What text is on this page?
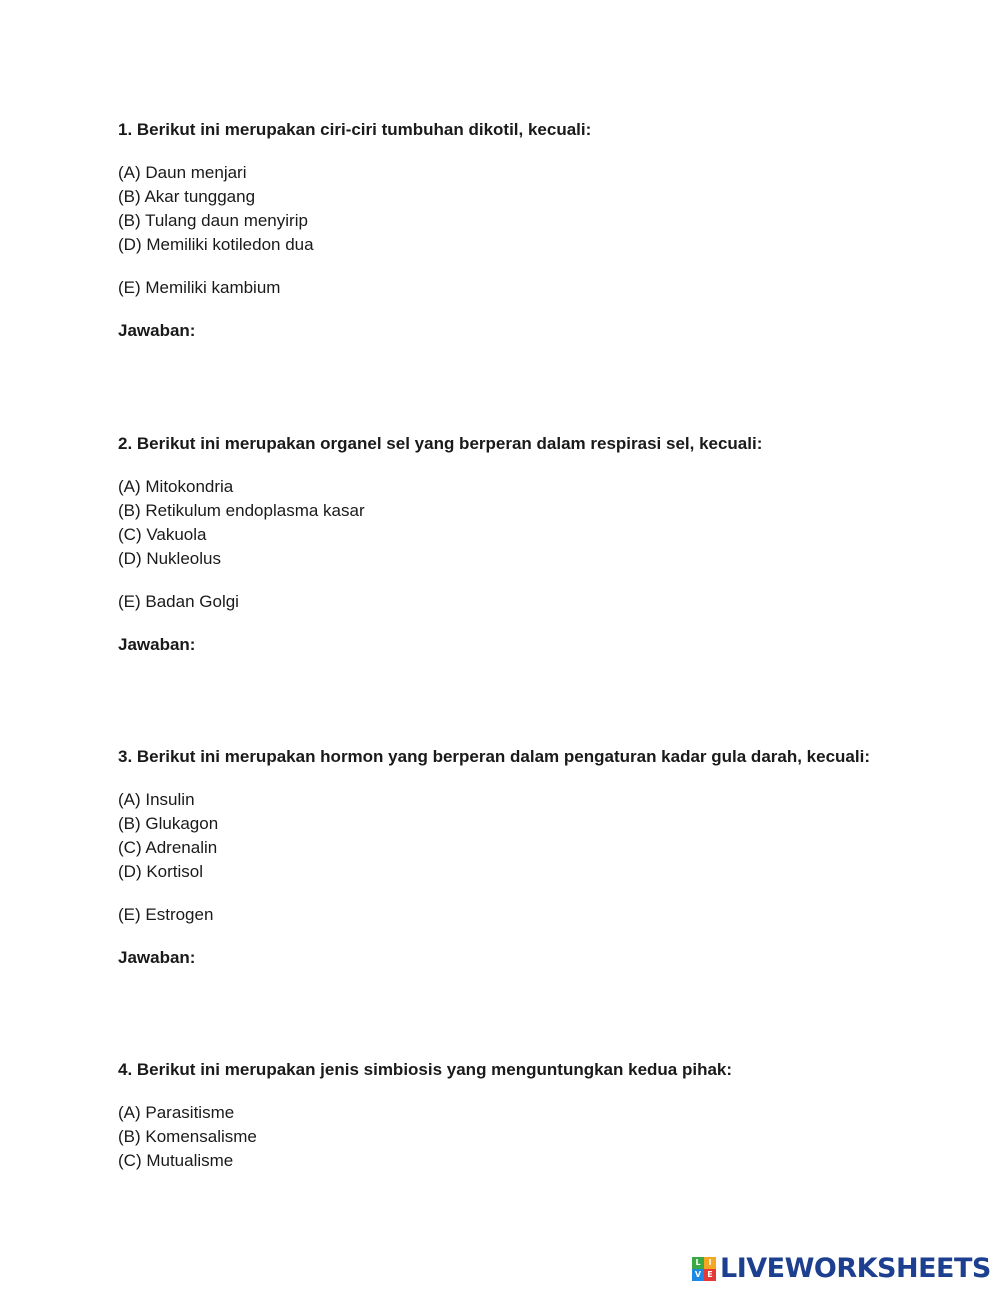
1. Berikut ini merupakan ciri-ciri tumbuhan dikotil, kecuali:

(A) Daun menjari
(B) Akar tunggang
(B) Tulang daun menyirip
(D) Memiliki kotiledon dua
(E) Memiliki kambium
Jawaban:

2. Berikut ini merupakan organel sel yang berperan dalam respirasi sel, kecuali:

(A) Mitokondria
(B) Retikulum endoplasma kasar
(C) Vakuola
(D) Nukleolus
(E) Badan Golgi
Jawaban:

3. Berikut ini merupakan hormon yang berperan dalam pengaturan kadar gula darah, kecuali:

(A) Insulin
(B) Glukagon
(C) Adrenalin
(D) Kortisol
(E) Estrogen
Jawaban:

4. Berikut ini merupakan jenis simbiosis yang menguntungkan kedua pihak:

(A) Parasitisme
(B) Komensalisme
(C) Mutualisme
L I
V E LIVEWORKSHEETS
